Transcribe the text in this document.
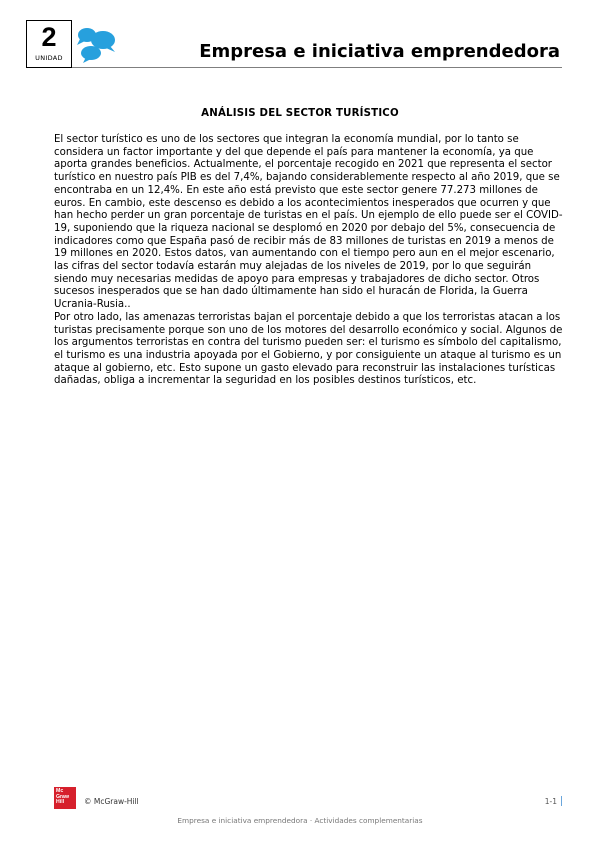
2
UNIDAD	Empresa e iniciativa emprendedora
ANÁLISIS DEL SECTOR TURÍSTICO

El sector turístico es uno de los sectores que integran la economía mundial, por lo tanto se considera un factor importante y del que depende el país para mantener la economía, ya que aporta grandes beneficios. Actualmente, el porcentaje recogido en 2021 que representa el sector turístico en nuestro país PIB es del 7,4%, bajando considerablemente respecto al año 2019, que se encontraba en un 12,4%. En este año está previsto que este sector genere 77.273 millones de euros. En cambio, este descenso es debido a los acontecimientos inesperados que ocurren y que han hecho perder un gran porcentaje de turistas en el país. Un ejemplo de ello puede ser el COVID-19, suponiendo que la riqueza nacional se desplomó en 2020 por debajo del 5%, consecuencia de indicadores como que España pasó de recibir más de 83 millones de turistas en 2019 a menos de 19 millones en 2020. Estos datos, van aumentando con el tiempo pero aun en el mejor escenario, las cifras del sector todavía estarán muy alejadas de los niveles de 2019, por lo que seguirán siendo muy necesarias medidas de apoyo para empresas y trabajadores de dicho sector. Otros sucesos inesperados que se han dado últimamente han sido el huracán de Florida, la Guerra Ucrania-Rusia..

Por otro lado, las amenazas terroristas bajan el porcentaje debido a que los terroristas atacan a los turistas precisamente porque son uno de los motores del desarrollo económico y social. Algunos de los argumentos terroristas en contra del turismo pueden ser: el turismo es símbolo del capitalismo, el turismo es una industria apoyada por el Gobierno, y por consiguiente un ataque al turismo es un ataque al gobierno, etc. Esto supone un gasto elevado para reconstruir las instalaciones turísticas dañadas, obliga a incrementar la seguridad en los posibles destinos turísticos, etc.

Mc
Graw
Hill	© McGraw-Hill	1-1
Empresa e iniciativa emprendedora · Actividades complementarias
